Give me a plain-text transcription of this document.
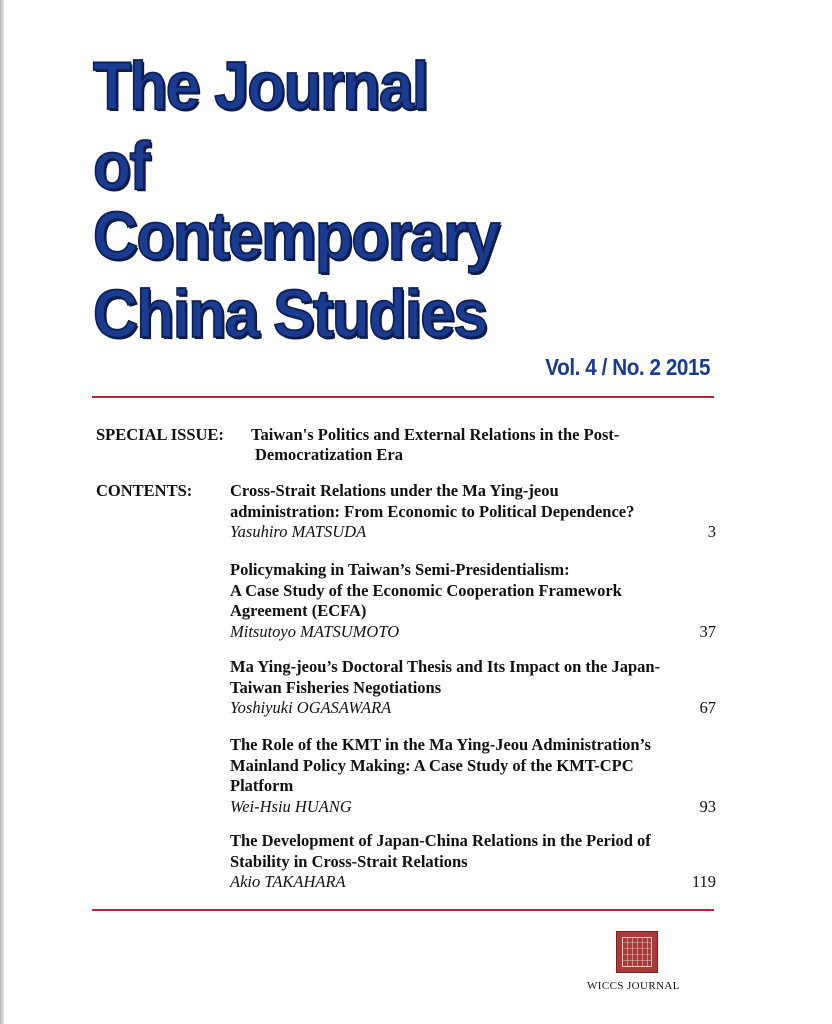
The Journal
of
Contemporary
China Studies
Vol. 4 / No. 2 2015
SPECIAL ISSUE: Taiwan's Politics and External Relations in the Post-
Democratization Era
CONTENTS: Cross-Strait Relations under the Ma Ying-jeou
administration: From Economic to Political Dependence?
Yasuhiro MATSUDA	3
Policymaking in Taiwan’s Semi-Presidentialism:
A Case Study of the Economic Cooperation Framework
Agreement (ECFA)
Mitsutoyo MATSUMOTO	37
Ma Ying-jeou’s Doctoral Thesis and Its Impact on the Japan-
Taiwan Fisheries Negotiations
Yoshiyuki OGASAWARA	67
The Role of the KMT in the Ma Ying-Jeou Administration’s
Mainland Policy Making: A Case Study of the KMT-CPC
Platform
Wei-Hsiu HUANG	93
The Development of Japan-China Relations in the Period of
Stability in Cross-Strait Relations
Akio TAKAHARA	119
WICCS JOURNAL
